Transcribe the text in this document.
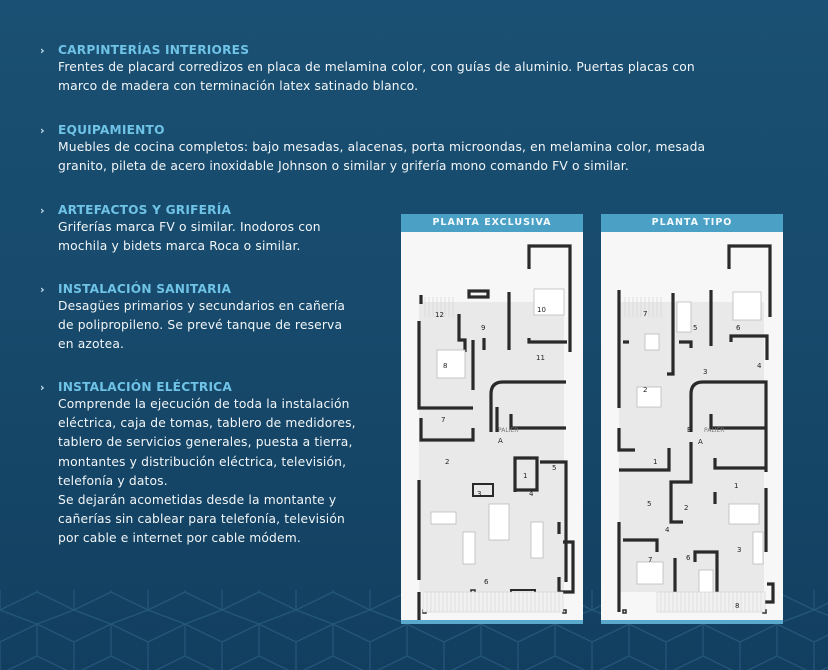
›	CARPINTERÍAS INTERIORES
Frentes de placard corredizos en placa de melamina color, con guías de aluminio. Puertas placas con
marco de madera con terminación latex satinado blanco.
›	EQUIPAMIENTO
Muebles de cocina completos: bajo mesadas, alacenas, porta microondas, en melamina color, mesada
granito, pileta de acero inoxidable Johnson o similar y grifería mono comando FV o similar.
›	ARTEFACTOS Y GRIFERÍA
Griferías marca FV o similar. Inodoros con
mochila y bidets marca Roca o similar.
›	INSTALACIÓN SANITARIA
Desagües primarios y secundarios en cañería
de polipropileno. Se prevé tanque de reserva
en azotea.
›	INSTALACIÓN ELÉCTRICA
Comprende la ejecución de toda la instalación
eléctrica, caja de tomas, tablero de medidores,
tablero de servicios generales, puesta a tierra,
montantes y distribución eléctrica, televisión,
telefonía y datos.
Se dejarán acometidas desde la montante y
cañerías sin cablear para telefonía, televisión
por cable e internet por cable módem.
PLANTA EXCLUSIVA
12
9
10
11
8
7
2
3
1
4
5
6
PALIER
A
PLANTA TIPO
7
5	6
4
3
2
1
1
5	2
4
3
7	6
8
PALIER
A
B
